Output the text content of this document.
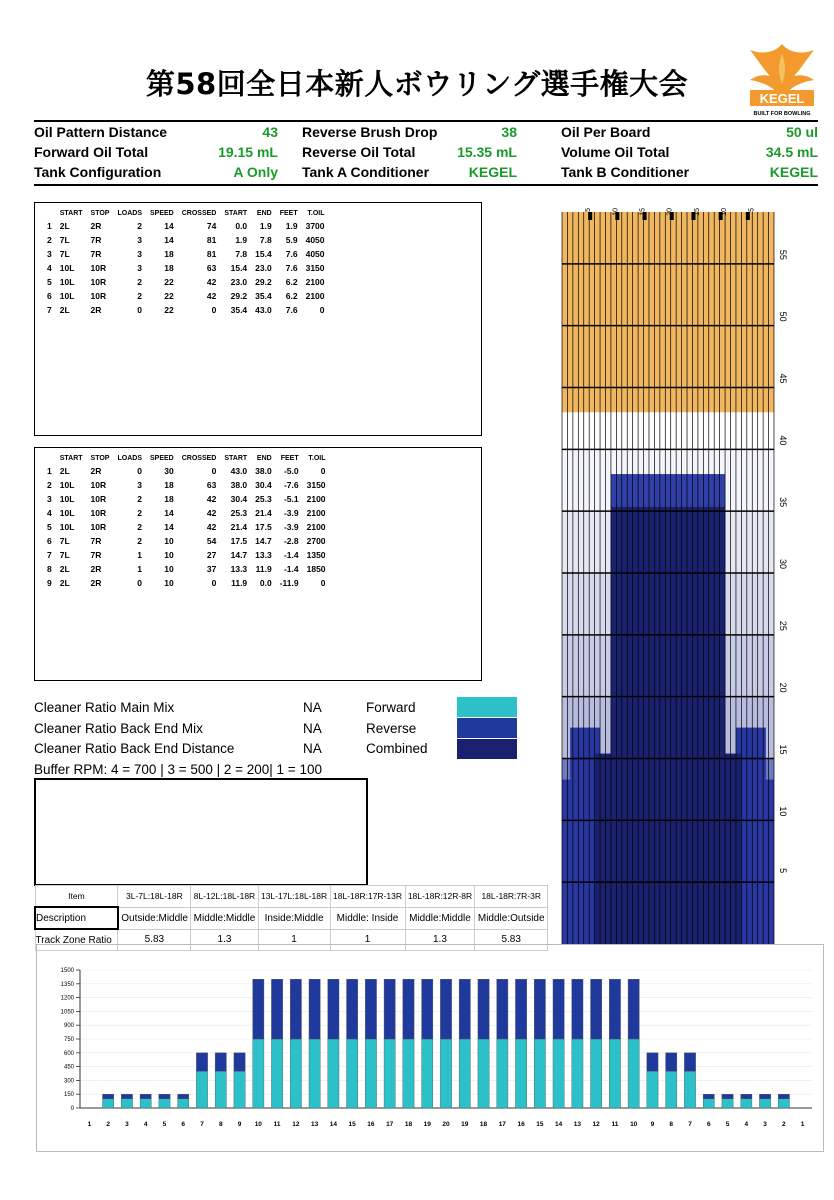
第58回全日本新人ボウリング選手権大会	KEGEL
BUILT FOR BOWLING
Oil Pattern Distance	43 Reverse Brush Drop	38	Oil Per Board	50 ul
Forward Oil Total	19.15 mL Reverse Oil Total	15.35 mL	Volume Oil Total	34.5 mL
Tank Configuration	A Only Tank A Conditioner	KEGEL	Tank B Conditioner	KEGEL
	START	STOP	LOADS	SPEED	CROSSED	START	END	FEET	T.OIL
1	2L	2R	2	14	74	0.0	1.9	1.9	3700
2	7L	7R	3	14	81	1.9	7.8	5.9	4050
3	7L	7R	3	18	81	7.8	15.4	7.6	4050
4	10L	10R	3	18	63	15.4	23.0	7.6	3150
5	10L	10R	2	22	42	23.0	29.2	6.2	2100
6	10L	10R	2	22	42	29.2	35.4	6.2	2100
7	2L	2R	0	22	0	35.4	43.0	7.6	0
	START	STOP	LOADS	SPEED	CROSSED	START	END	FEET	T.OIL
1	2L	2R	0	30	0	43.0	38.0	-5.0	0
2	10L	10R	3	18	63	38.0	30.4	-7.6	3150
3	10L	10R	2	18	42	30.4	25.3	-5.1	2100
4	10L	10R	2	14	42	25.3	21.4	-3.9	2100
5	10L	10R	2	14	42	21.4	17.5	-3.9	2100
6	7L	7R	2	10	54	17.5	14.7	-2.8	2700
7	7L	7R	1	10	27	14.7	13.3	-1.4	1350
8	2L	2R	1	10	37	13.3	11.9	-1.4	1850
9	2L	2R	0	10	0	11.9	0.0	-11.9	0
Cleaner Ratio Main Mix	NA	Forward
Cleaner Ratio Back End Mix	NA	Reverse
Cleaner Ratio Back End Distance	NA	Combined
Buffer RPM: 4 = 700 | 3 = 500 | 2 = 200| 1 = 100
Item	3L-7L:18L-18R	8L-12L:18L-18R	13L-17L:18L-18R	18L-18R:17R-13R	18L-18R:12R-8R	18L-18R:7R-3R
Description	Outside:Middle	Middle:Middle	Inside:Middle	Middle: Inside	Middle:Middle	Middle:Outside
Track Zone Ratio	5.83	1.3	1	1	1.3	5.83
5	10	15	20	15	10	5
55
50
45
40
35
30
25
20
15
10
5
1500
1350
1200
1050
900
750
600
450
300
150
0
1 2 3 4 5 6 7 8 9 10 11 12 13 14 15 16 17 18 19 20 19 18 17 16 15 14 13 12 11 10 9 8 7 6 5 4 3 2 1
